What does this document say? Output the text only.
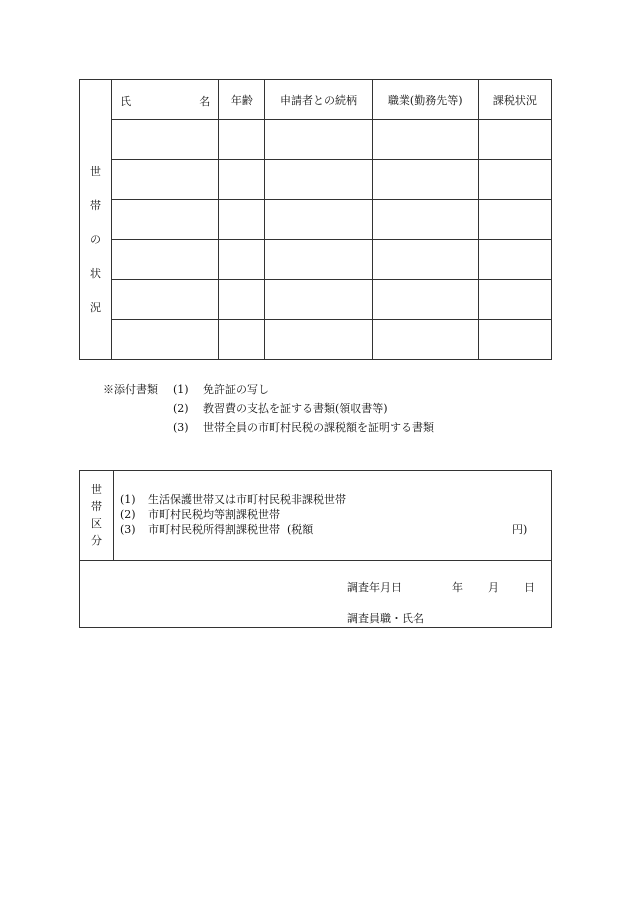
世
帯
の
状
況	氏 名	年齢	申請者との続柄	職業(勤務先等)	課税状況

※添付書類 (1) 免許証の写し
(2) 教習費の支払を証する書類(領収書等)
(3) 世帯全員の市町村民税の課税額を証明する書類
世
帯
区
分
(1) 生活保護世帯又は市町村民税非課税世帯
(2) 市町村民税均等割課税世帯
(3) 市町村民税所得割課税世帯 (税額	円)
調査年月日	年 月 日
調査員職・氏名
